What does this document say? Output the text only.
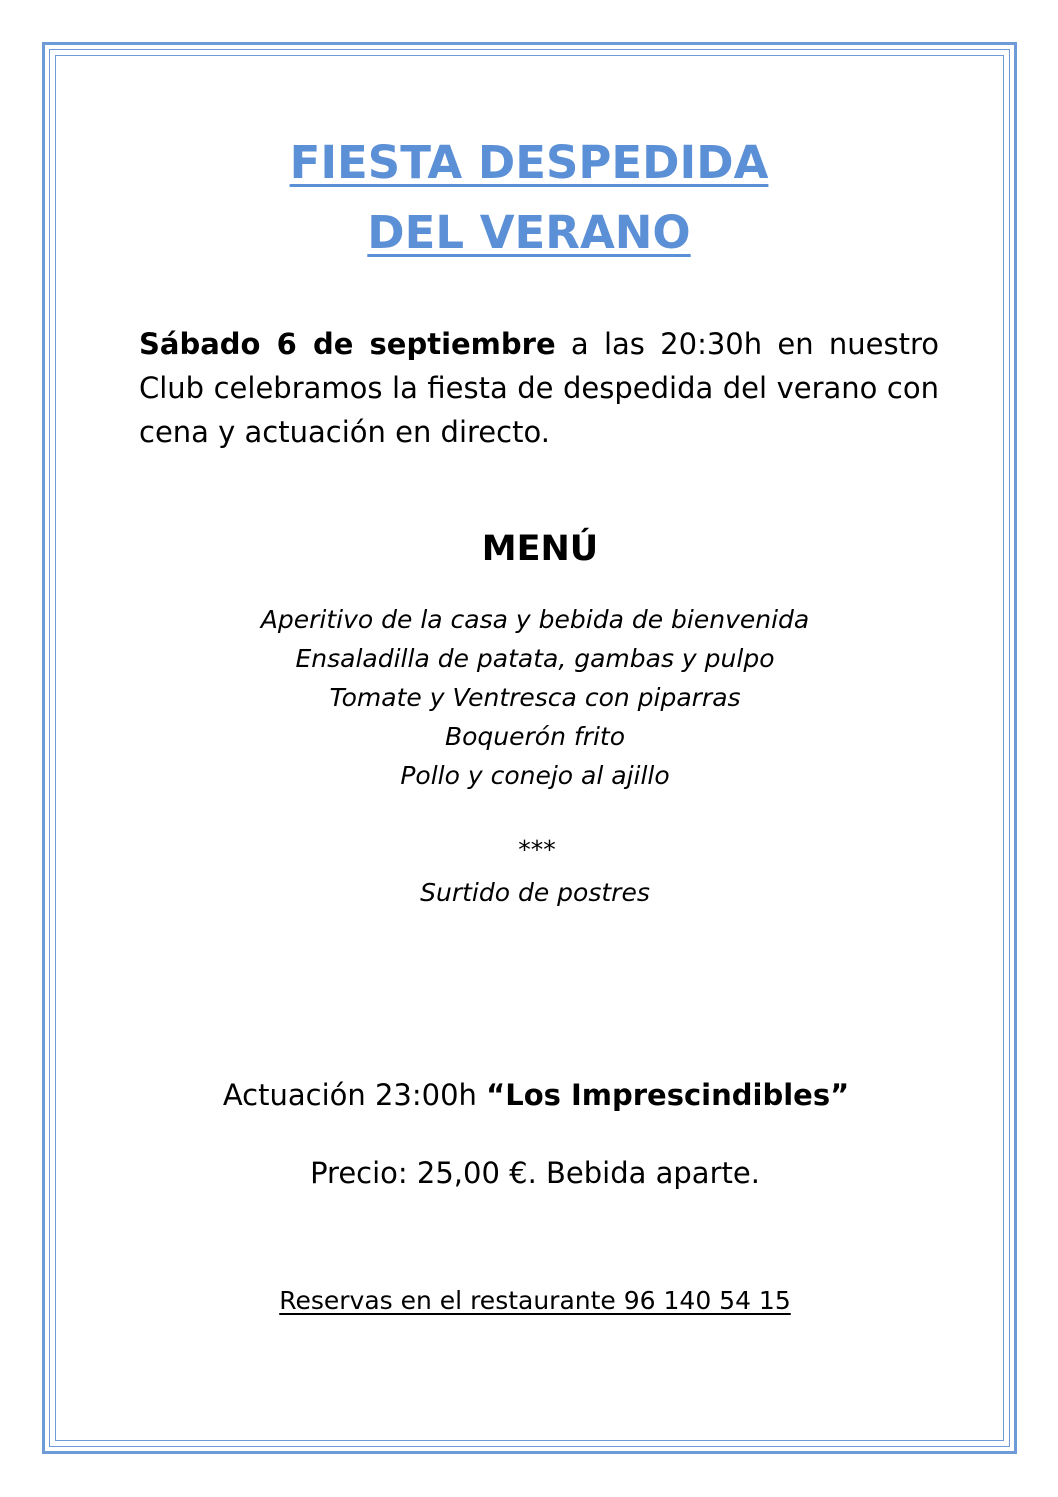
FIESTA DESPEDIDA
DEL VERANO

Sábado 6 de septiembre a las 20:30h en nuestro Club celebramos la fiesta de despedida del verano con cena y actuación en directo.

MENÚ
Aperitivo de la casa y bebida de bienvenida
Ensaladilla de patata, gambas y pulpo
Tomate y Ventresca con piparras
Boquerón frito
Pollo y conejo al ajillo
***
Surtido de postres
Actuación 23:00h “Los Imprescindibles”
Precio: 25,00 €. Bebida aparte.
Reservas en el restaurante 96 140 54 15
